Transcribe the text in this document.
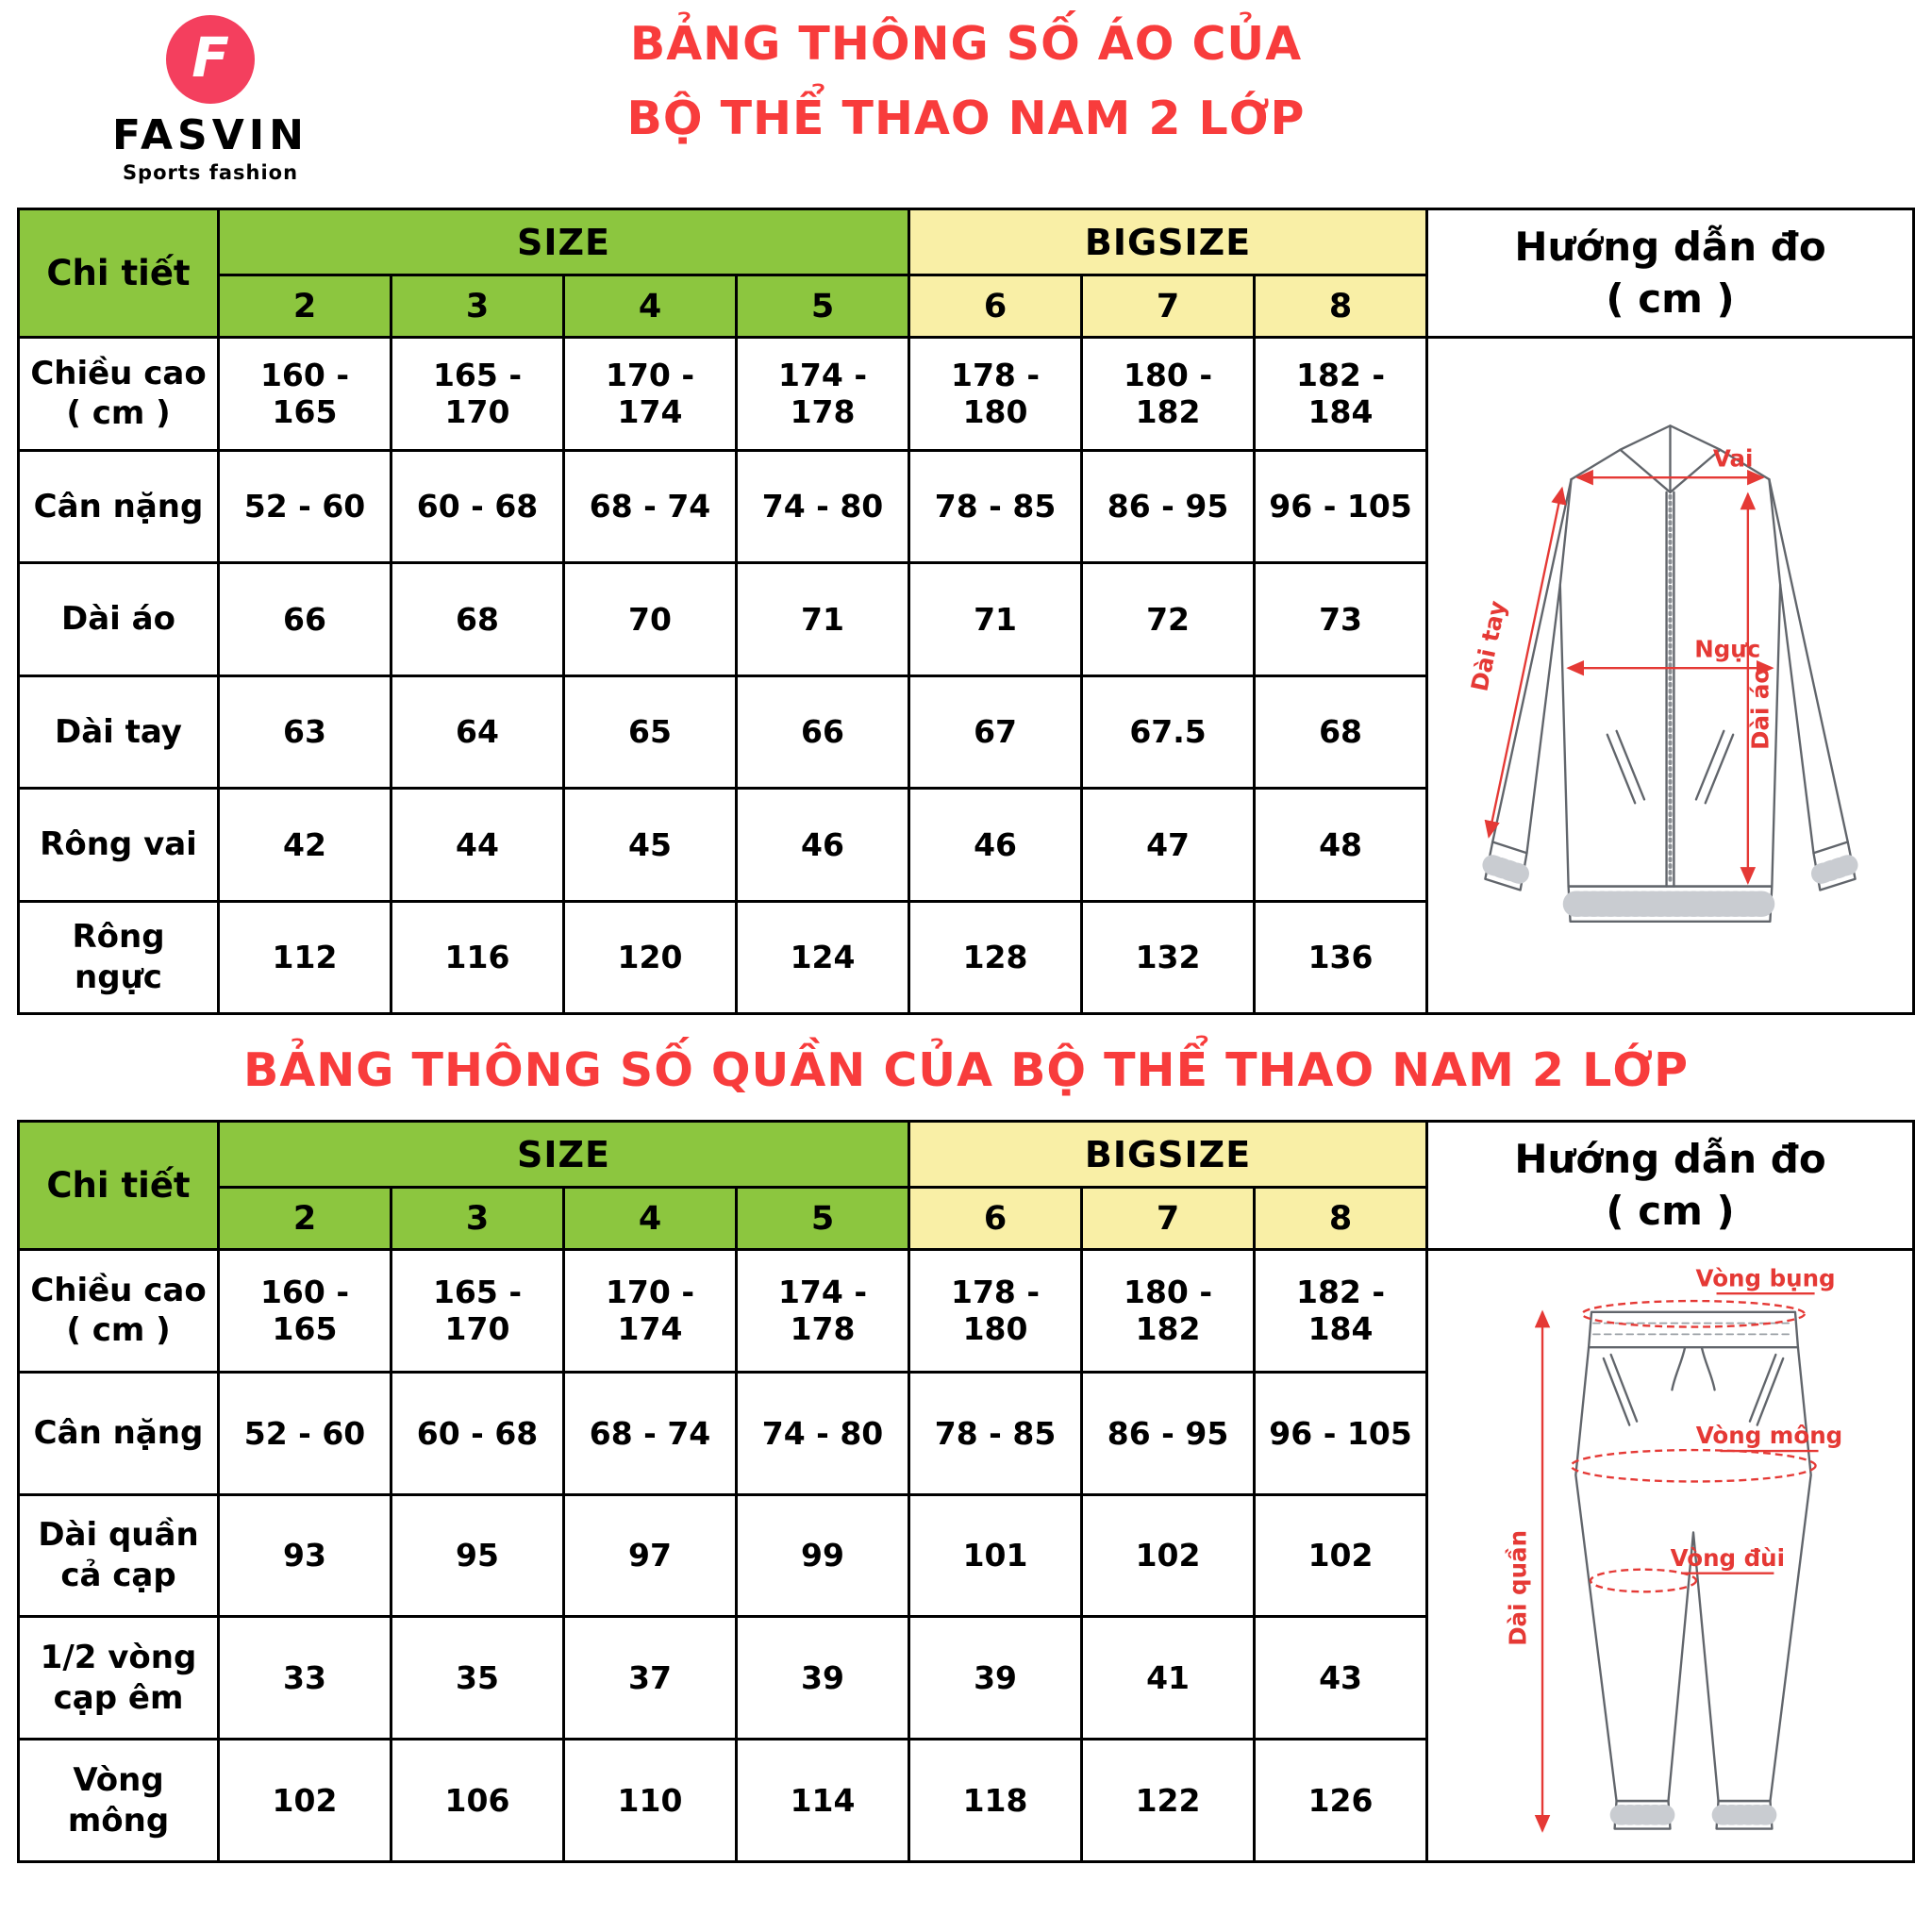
F
FASVIN
Sports fashion
BẢNG THÔNG SỐ ÁO CỦA
BỘ THỂ THAO NAM 2 LỚP
Chi tiết	SIZE				BIGSIZE			Hướng dẫn đo
( cm )

	2	3	4	5	6	7	8	
Chiều cao ( cm )	160 - 165	165 - 170	170 - 174	174 - 178	178 - 180	180 - 182	182 - 184	Vai
Ngực
Dài tay
Dài áo

Cân nặng	52 - 60	60 - 68	68 - 74	74 - 80	78 - 85	86 - 95	96 - 105	
Dài áo	66	68	70	71	71	72	73	
Dài tay	63	64	65	66	67	67.5	68	
Rông vai	42	44	45	46	46	47	48	
Rông ngực	112	116	120	124	128	132	136	
BẢNG THÔNG SỐ QUẦN CỦA BỘ THỂ THAO NAM 2 LỚP
Chi tiết	SIZE				BIGSIZE			Hướng dẫn đo
( cm )

	2	3	4	5	6	7	8	
Chiều cao ( cm )	160 - 165	165 - 170	170 - 174	174 - 178	178 - 180	180 - 182	182 - 184	Vòng bụng
Vòng mông
Vòng đùi
Dài quần

Cân nặng	52 - 60	60 - 68	68 - 74	74 - 80	78 - 85	86 - 95	96 - 105	
Dài quần cả cạp	93	95	97	99	101	102	102	
1/2 vòng cạp êm	33	35	37	39	39	41	43	
Vòng mông	102	106	110	114	118	122	126	
